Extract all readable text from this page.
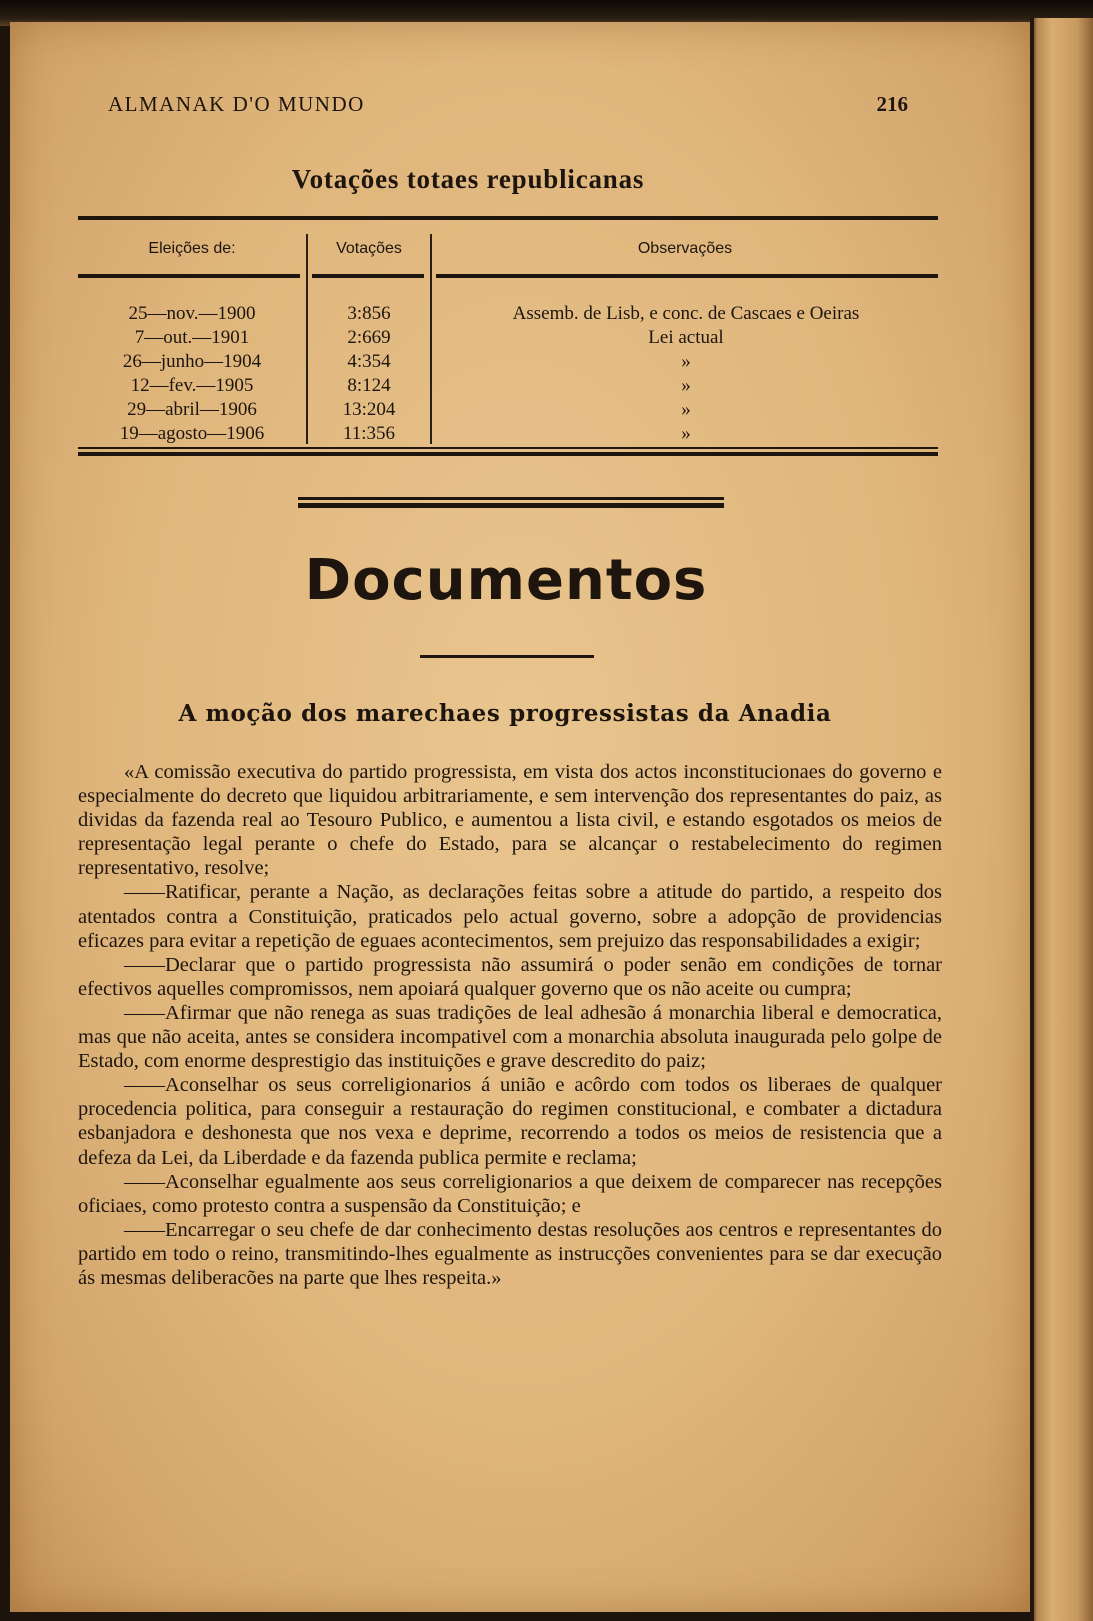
ALMANAK D'O MUNDO	216
Votações totaes republicanas
Eleições de:	Votações	Observações
25—nov.—1900	3:856	Assemb. de Lisb, e conc. de Cascaes e Oeiras
7—out.—1901	2:669	Lei actual
26—junho—1904	4:354	»
12—fev.—1905	8:124	»
29—abril—1906	13:204	»
19—agosto—1906	11:356	»
Documentos
A moção dos marechaes progressistas da Anadia

«A comissão executiva do partido progressista, em vista dos actos inconstitucionaes do governo e especialmente do decreto que liquidou arbitrariamente, e sem intervenção dos representantes do paiz, as dividas da fazenda real ao Tesouro Publico, e aumentou a lista civil, e estando esgotados os meios de representação legal perante o chefe do Estado, para se alcançar o restabelecimento do regimen representativo, resolve;

——Ratificar, perante a Nação, as declarações feitas sobre a atitude do partido, a respeito dos atentados contra a Constituição, praticados pelo actual governo, sobre a adopção de providencias eficazes para evitar a repetição de eguaes acontecimentos, sem prejuizo das responsabilidades a exigir;

——Declarar que o partido progressista não assumirá o poder senão em condições de tornar efectivos aquelles compromissos, nem apoiará qualquer governo que os não aceite ou cumpra;

——Afirmar que não renega as suas tradições de leal adhesão á monarchia liberal e democratica, mas que não aceita, antes se considera incompativel com a monarchia absoluta inaugurada pelo golpe de Estado, com enorme desprestigio das instituições e grave descredito do paiz;

——Aconselhar os seus correligionarios á união e acôrdo com todos os liberaes de qualquer procedencia politica, para conseguir a restauração do regimen constitucional, e combater a dictadura esbanjadora e deshonesta que nos vexa e deprime, recorrendo a todos os meios de resistencia que a defeza da Lei, da Liberdade e da fazenda publica permite e reclama;

——Aconselhar egualmente aos seus correligionarios a que deixem de comparecer nas recepções oficiaes, como protesto contra a suspensão da Constituição; e

——Encarregar o seu chefe de dar conhecimento destas resoluções aos centros e representantes do partido em todo o reino, transmitindo-lhes egualmente as instrucções convenientes para se dar execução ás mesmas deliberacões na parte que lhes respeita.»
